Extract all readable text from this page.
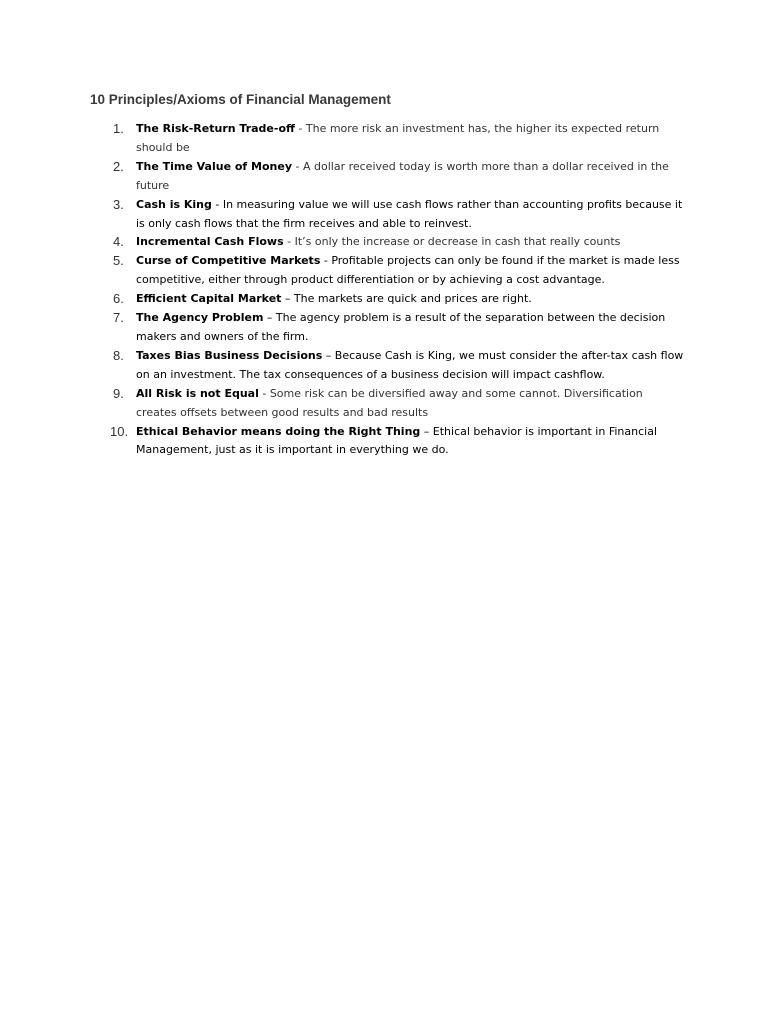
10 Principles/Axioms of Financial Management
1.	The Risk-Return Trade-off - The more risk an investment has, the higher its expected return should be
2.	The Time Value of Money - A dollar received today is worth more than a dollar received in the future
3.	Cash is King - In measuring value we will use cash flows rather than accounting profits because it is only cash flows that the firm receives and able to reinvest.
4.	Incremental Cash Flows - It’s only the increase or decrease in cash that really counts
5.	Curse of Competitive Markets - Profitable projects can only be found if the market is made less competitive, either through product differentiation or by achieving a cost advantage.
6.	Efficient Capital Market – The markets are quick and prices are right.
7.	The Agency Problem – The agency problem is a result of the separation between the decision makers and owners of the firm.
8.	Taxes Bias Business Decisions – Because Cash is King, we must consider the after-tax cash flow on an investment. The tax consequences of a business decision will impact cashflow.
9.	All Risk is not Equal - Some risk can be diversified away and some cannot. Diversification creates offsets between good results and bad results
10. Ethical Behavior means doing the Right Thing – Ethical behavior is important in Financial Management, just as it is important in everything we do.
